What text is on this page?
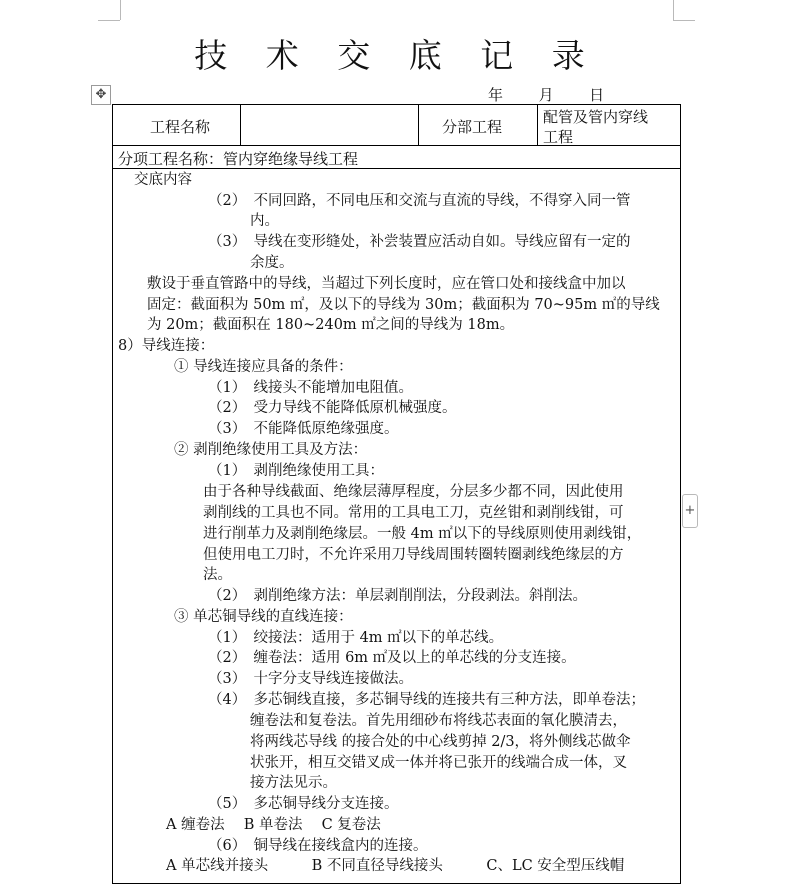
技 术 交 底 记 录
年 月 日
✥
+
工程名称	分部工程
配管及管内穿线
工程
分项工程名称：管内穿绝缘导线工程
交底内容
（2）　不同回路，不同电压和交流与直流的导线，不得穿入同一管
内。
（3）　导线在变形缝处，补尝装置应活动自如。导线应留有一定的
余度。
敷设于垂直管路中的导线，当超过下列长度时，应在管口处和接线盒中加以
固定：截面积为 50m ㎡，及以下的导线为 30m；截面积为 70~95m ㎡的导线
为 20m；截面积在 180~240m ㎡之间的导线为 18m。
8）导线连接：
① 导线连接应具备的条件：
（1）　线接头不能增加电阻值。
（2）　受力导线不能降低原机械强度。
（3）　不能降低原绝缘强度。
② 剥削绝缘使用工具及方法：
（1）　剥削绝缘使用工具：
由于各种导线截面、绝缘层薄厚程度，分层多少都不同，因此使用
剥削线的工具也不同。常用的工具电工刀，克丝钳和剥削线钳，可
进行削革力及剥削绝缘层。一般 4m ㎡以下的导线原则使用剥线钳，
但使用电工刀时，不允许采用刀导线周围转圈转圈剥线绝缘层的方
法。
（2）　剥削绝缘方法：单层剥削削法，分段剥法。斜削法。
③ 单芯铜导线的直线连接：
（1）　绞接法：适用于 4m ㎡以下的单芯线。
（2）　缠卷法：适用 6m ㎡及以上的单芯线的分支连接。
（3）　十字分支导线连接做法。
（4）　多芯铜线直接，多芯铜导线的连接共有三种方法，即单卷法；
缠卷法和复卷法。首先用细砂布将线芯表面的氧化膜清去，
将两线芯导线 的接合处的中心线剪掉 2/3，将外侧线芯做伞
状张开，相互交错叉成一体并将已张开的线端合成一体，叉
接方法见示。
（5）　多芯铜导线分支连接。
A 缠卷法　 B 单卷法　 C 复卷法
（6）　铜导线在接线盒内的连接。
A 单芯线并接头　　　B 不同直径导线接头　　　C、LC 安全型压线帽
